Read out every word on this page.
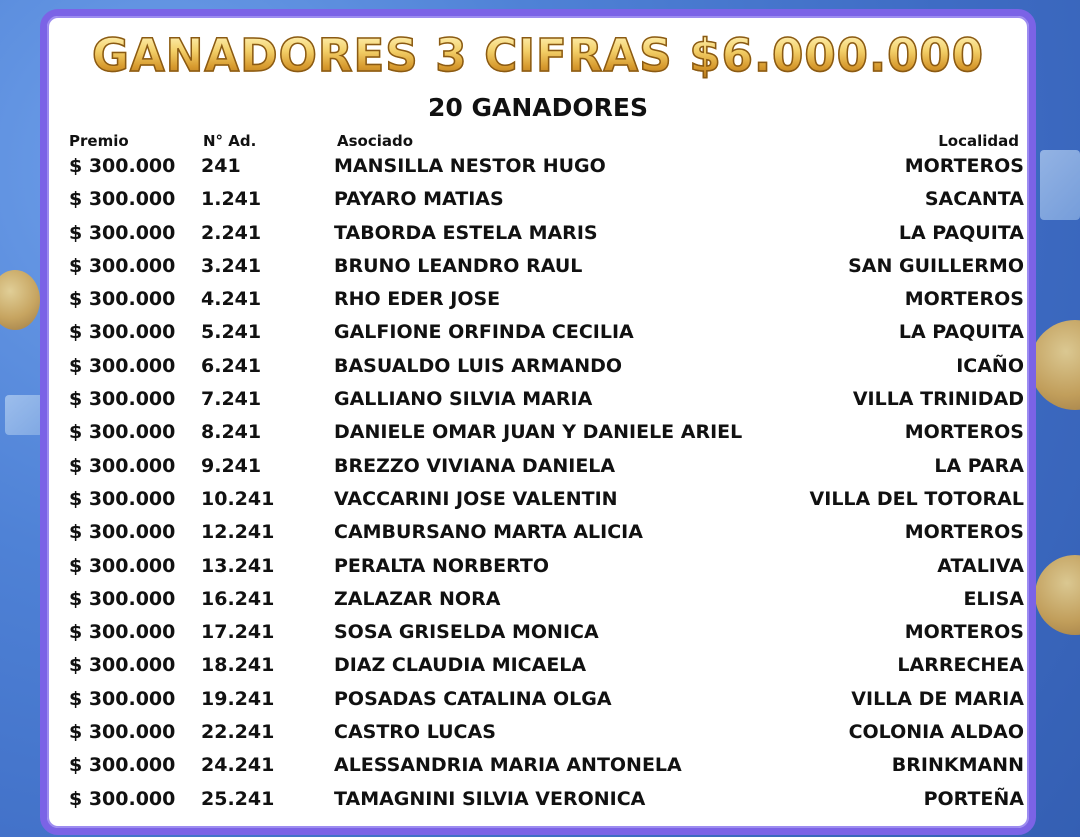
GANADORES 3 CIFRAS $6.000.000
20 GANADORES
Premio	N° Ad.	Asociado	Localidad
$ 300.000 241	MANSILLA NESTOR HUGO	MORTEROS
$ 300.000 1.241	PAYARO MATIAS	SACANTA
$ 300.000 2.241	TABORDA ESTELA MARIS	LA PAQUITA
$ 300.000 3.241	BRUNO LEANDRO RAUL	SAN GUILLERMO
$ 300.000 4.241	RHO EDER JOSE	MORTEROS
$ 300.000 5.241	GALFIONE ORFINDA CECILIA	LA PAQUITA
$ 300.000 6.241	BASUALDO LUIS ARMANDO	ICAÑO
$ 300.000 7.241	GALLIANO SILVIA MARIA	VILLA TRINIDAD
$ 300.000 8.241	DANIELE OMAR JUAN Y DANIELE ARIEL	MORTEROS
$ 300.000 9.241	BREZZO VIVIANA DANIELA	LA PARA
$ 300.000 10.241	VACCARINI JOSE VALENTIN	VILLA DEL TOTORAL
$ 300.000 12.241	CAMBURSANO MARTA ALICIA	MORTEROS
$ 300.000 13.241	PERALTA NORBERTO	ATALIVA
$ 300.000 16.241	ZALAZAR NORA	ELISA
$ 300.000 17.241	SOSA GRISELDA MONICA	MORTEROS
$ 300.000 18.241	DIAZ CLAUDIA MICAELA	LARRECHEA
$ 300.000 19.241	POSADAS CATALINA OLGA	VILLA DE MARIA
$ 300.000 22.241	CASTRO LUCAS	COLONIA ALDAO
$ 300.000 24.241	ALESSANDRIA MARIA ANTONELA	BRINKMANN
$ 300.000 25.241	TAMAGNINI SILVIA VERONICA	PORTEÑA
